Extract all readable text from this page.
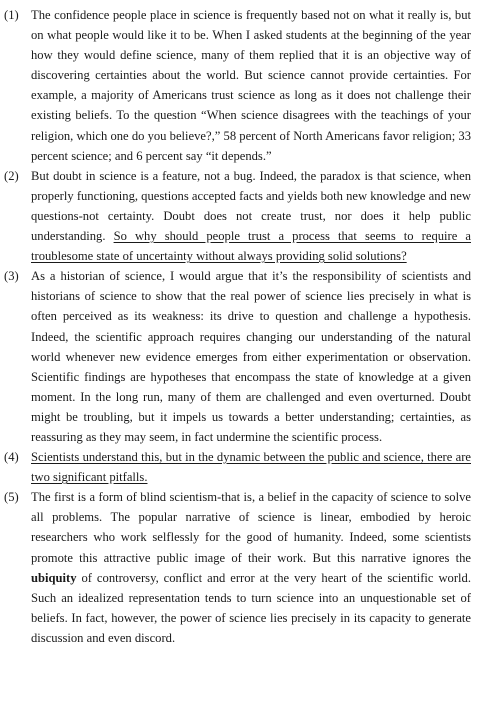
(1) The confidence people place in science is frequently based not on what it really is, but on what people would like it to be. When I asked students at the beginning of the year how they would define science, many of them replied that it is an objective way of discovering certainties about the world. But science cannot provide certainties. For example, a majority of Americans trust science as long as it does not challenge their existing beliefs. To the question “When science disagrees with the teachings of your religion, which one do you believe?,” 58 percent of North Americans favor religion; 33 percent science; and 6 percent say “it depends.”

(2) But doubt in science is a feature, not a bug. Indeed, the paradox is that science, when properly functioning, questions accepted facts and yields both new knowledge and new questions-not certainty. Doubt does not create trust, nor does it help public understanding. So why should people trust a process that seems to require a troublesome state of uncertainty without always providing solid solutions?

(3) As a historian of science, I would argue that it’s the responsibility of scientists and historians of science to show that the real power of science lies precisely in what is often perceived as its weakness: its drive to question and challenge a hypothesis. Indeed, the scientific approach requires changing our understanding of the natural world whenever new evidence emerges from either experimentation or observation. Scientific findings are hypotheses that encompass the state of knowledge at a given moment. In the long run, many of them are challenged and even overturned. Doubt might be troubling, but it impels us towards a better understanding; certainties, as reassuring as they may seem, in fact undermine the scientific process.

(4) Scientists understand this, but in the dynamic between the public and science, there are two significant pitfalls.

(5) The first is a form of blind scientism-that is, a belief in the capacity of science to solve all problems. The popular narrative of science is linear, embodied by heroic researchers who work selflessly for the good of humanity. Indeed, some scientists promote this attractive public image of their work. But this narrative ignores the ubiquity of controversy, conflict and error at the very heart of the scientific world. Such an idealized representation tends to turn science into an unquestionable set of beliefs. In fact, however, the power of science lies precisely in its capacity to generate discussion and even discord.
